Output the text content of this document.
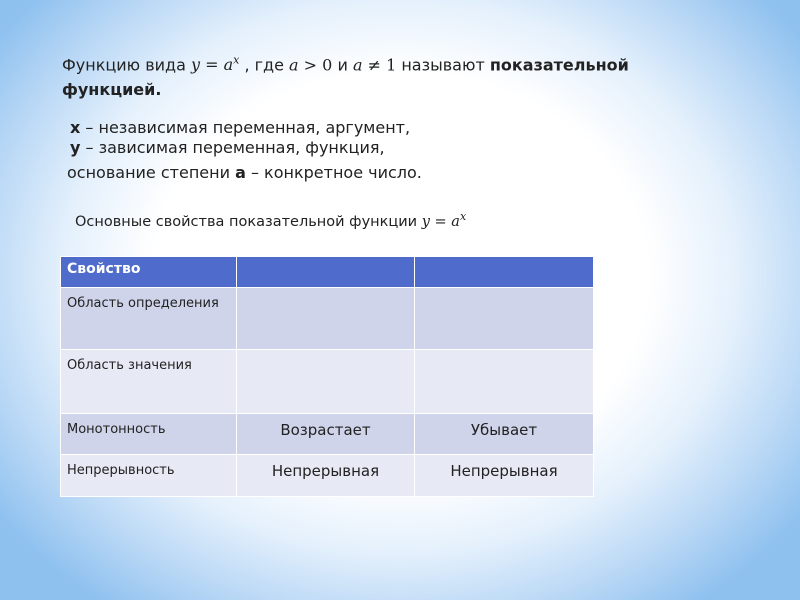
Функцию вида $y = a^x$ , где a > 0 и a ≠ 1 называют показательной
функцией.
x – независимая переменная, аргумент,
y – зависимая переменная, функция,
основание степени a – конкретное число.
Основные свойства показательной функции $y = a^x$
Свойство		
Область определения		
Область значения		
Монотонность	Возрастает	Убывает
Непрерывность	Непрерывная	Непрерывная
